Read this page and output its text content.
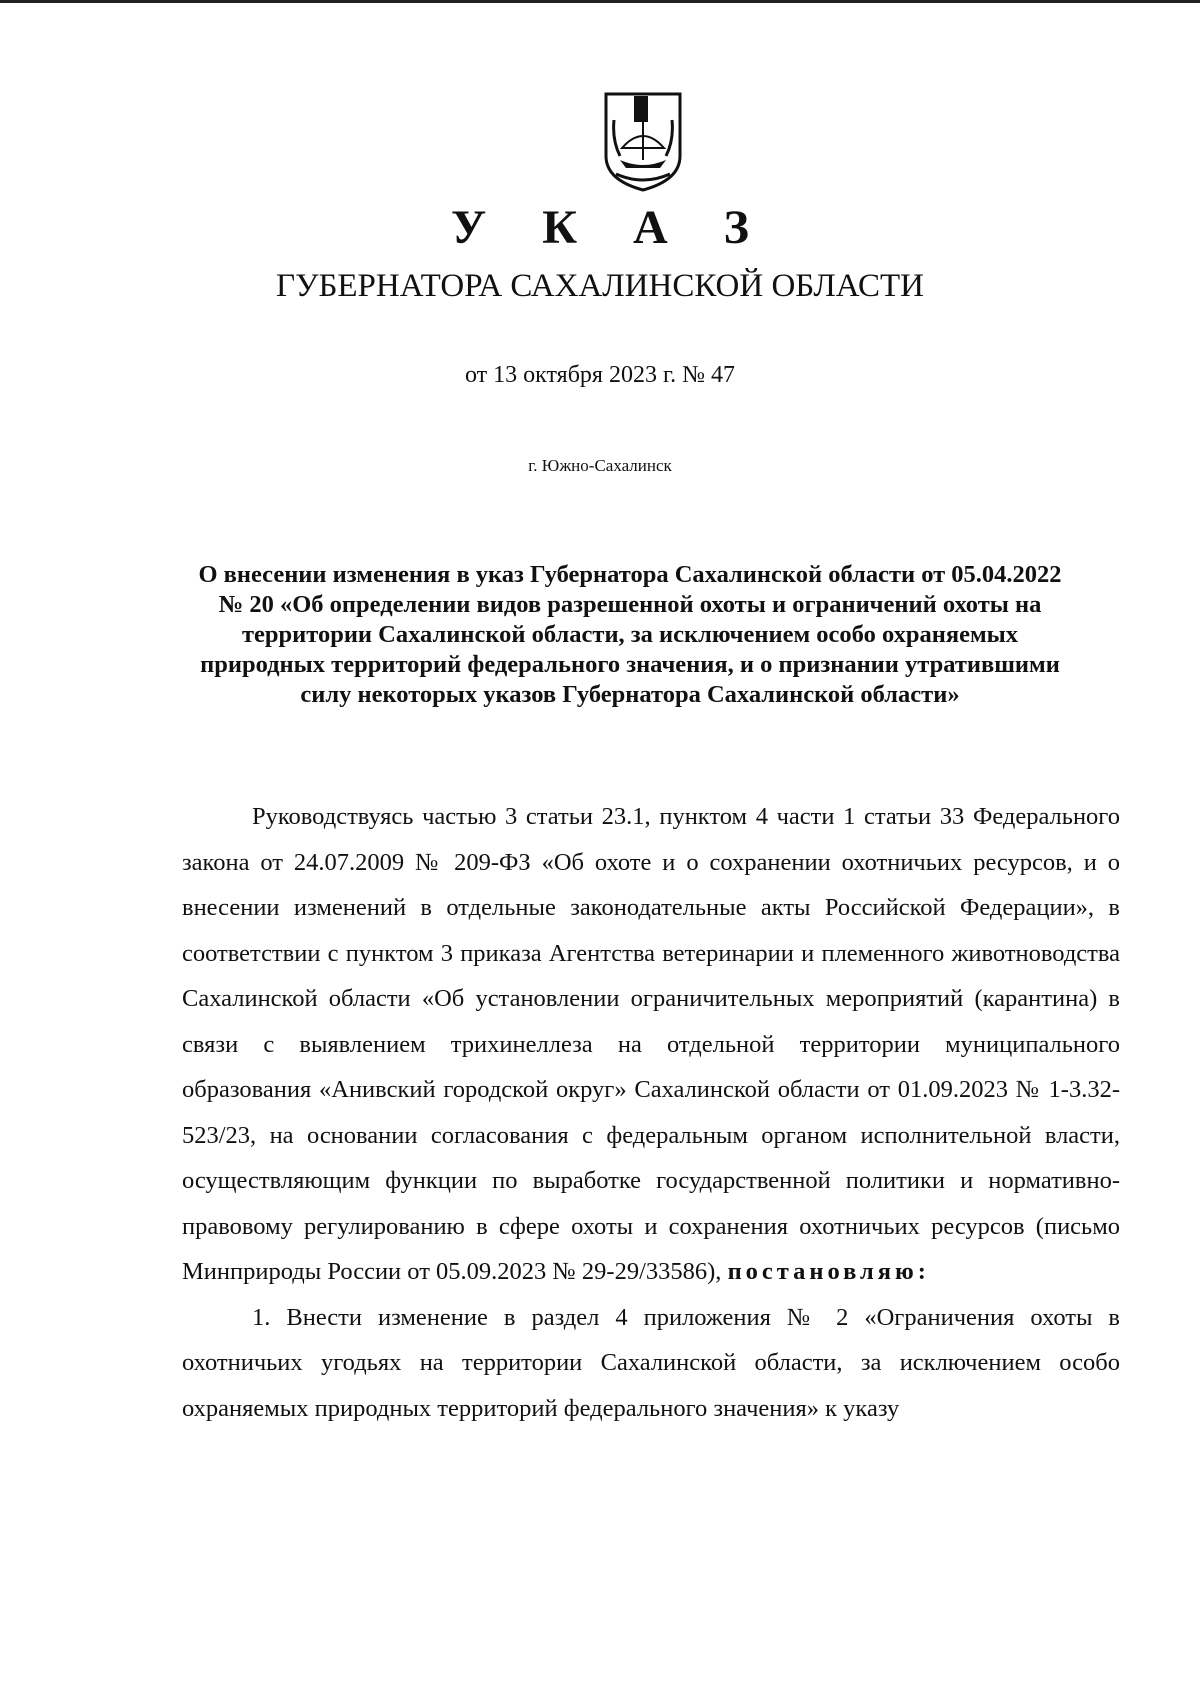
У К А З
ГУБЕРНАТОРА САХАЛИНСКОЙ ОБЛАСТИ
от 13 октября 2023 г. № 47
г. Южно-Сахалинск
О внесении изменения в указ Губернатора Сахалинской области от 05.04.2022 № 20 «Об определении видов разрешенной охоты и ограничений охоты на территории Сахалинской области, за исключением особо охраняемых природных территорий федерального значения, и о признании утратившими силу некоторых указов Губернатора Сахалинской области»

Руководствуясь частью 3 статьи 23.1, пунктом 4 части 1 статьи 33 Федерального закона от 24.07.2009 № 209-ФЗ «Об охоте и о сохранении охотничьих ресурсов, и о внесении изменений в отдельные законодательные акты Российской Федерации», в соответствии с пунктом 3 приказа Агентства ветеринарии и племенного животноводства Сахалинской области «Об установлении ограничительных мероприятий (карантина) в связи с выявлением трихинеллеза на отдельной территории муниципального образования «Анивский городской округ» Сахалинской области от 01.09.2023 № 1-3.32-523/23, на основании согласования с федеральным органом исполнительной власти, осуществляющим функции по выработке государственной политики и нормативно-правовому регулированию в сфере охоты и сохранения охотничьих ресурсов (письмо Минприроды России от 05.09.2023 № 29-29/33586), постановляю:

1. Внести изменение в раздел 4 приложения № 2 «Ограничения охоты в охотничьих угодьях на территории Сахалинской области, за исключением особо охраняемых природных территорий федерального значения» к указу
